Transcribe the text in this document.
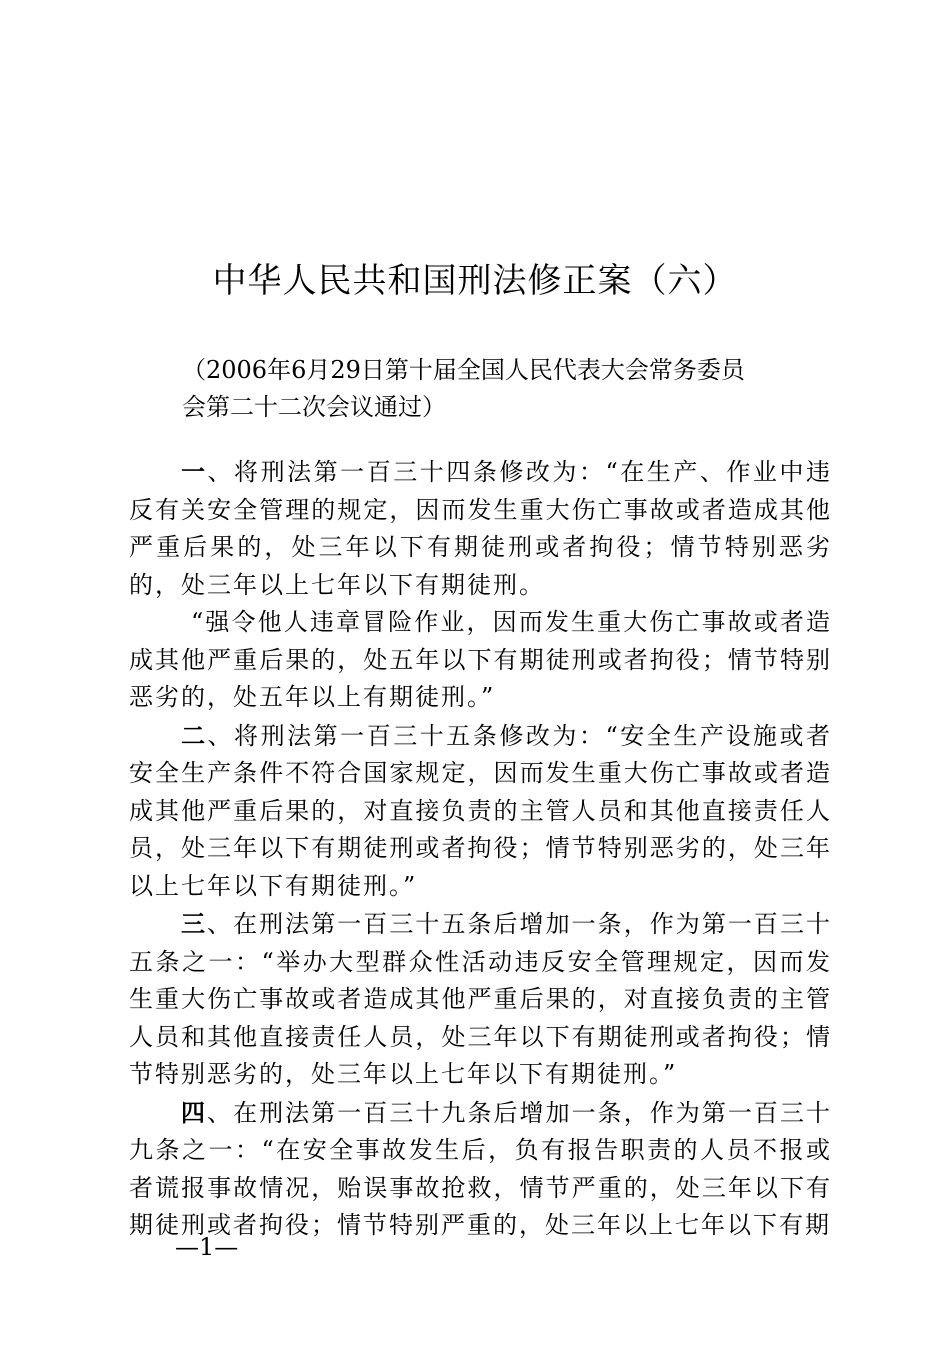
中华人民共和国刑法修正案（六）
（2006年6月29日第十届全国人民代表大会常务委员

会第二十二次会议通过）

一、将刑法第一百三十四条修改为：“在生产、作业中违反有关安全管理的规定，因而发生重大伤亡事故或者造成其他严重后果的，处三年以下有期徒刑或者拘役；情节特别恶劣的，处三年以上七年以下有期徒刑。

“强令他人违章冒险作业，因而发生重大伤亡事故或者造成其他严重后果的，处五年以下有期徒刑或者拘役；情节特别恶劣的，处五年以上有期徒刑。”

二、将刑法第一百三十五条修改为：“安全生产设施或者安全生产条件不符合国家规定，因而发生重大伤亡事故或者造成其他严重后果的，对直接负责的主管人员和其他直接责任人员，处三年以下有期徒刑或者拘役；情节特别恶劣的，处三年以上七年以下有期徒刑。”

三、在刑法第一百三十五条后增加一条，作为第一百三十五条之一：“举办大型群众性活动违反安全管理规定，因而发生重大伤亡事故或者造成其他严重后果的，对直接负责的主管人员和其他直接责任人员，处三年以下有期徒刑或者拘役；情节特别恶劣的，处三年以上七年以下有期徒刑。”

四、在刑法第一百三十九条后增加一条，作为第一百三十九条之一：“在安全事故发生后，负有报告职责的人员不报或者谎报事故情况，贻误事故抢救，情节严重的，处三年以下有期徒刑或者拘役；情节特别严重的，处三年以上七年以下有期

—1—
